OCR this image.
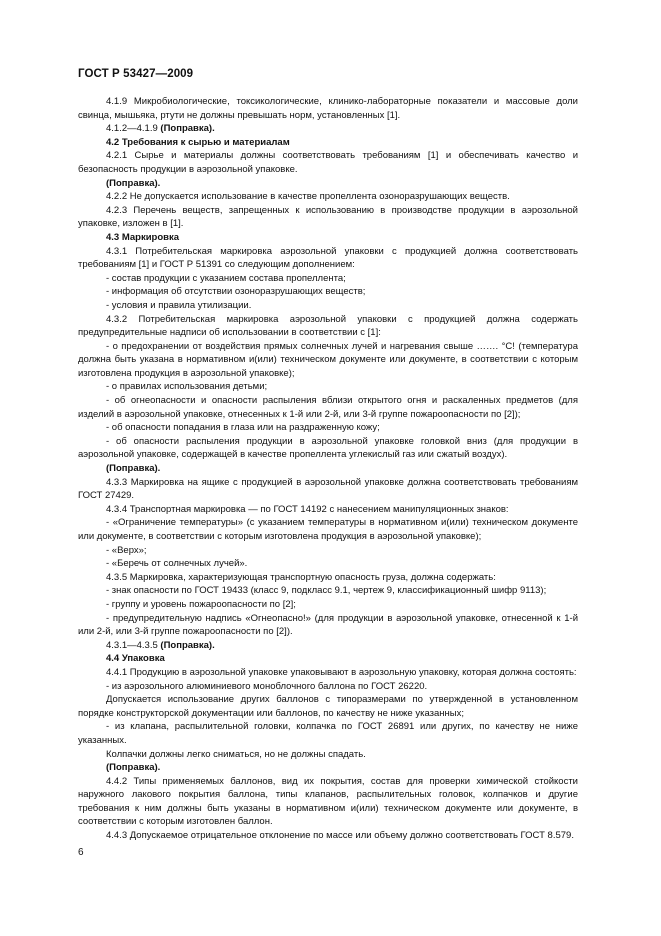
ГОСТ Р 53427—2009

4.1.9 Микробиологические, токсикологические, клинико-лабораторные показатели и массовые доли свинца, мышьяка, ртути не должны превышать норм, установленных [1].

4.1.2—4.1.9 (Поправка).

4.2 Требования к сырью и материалам

4.2.1 Сырье и материалы должны соответствовать требованиям [1] и обеспечивать качество и безопасность продукции в аэрозольной упаковке.

(Поправка).

4.2.2 Не допускается использование в качестве пропеллента озоноразрушающих веществ.

4.2.3 Перечень веществ, запрещенных к использованию в производстве продукции в аэрозольной упаковке, изложен в [1].

4.3 Маркировка

4.3.1 Потребительская маркировка аэрозольной упаковки с продукцией должна соответствовать требованиям [1] и ГОСТ Р 51391 со следующим дополнением:

- состав продукции с указанием состава пропеллента;

- информация об отсутствии озоноразрушающих веществ;

- условия и правила утилизации.

4.3.2 Потребительская маркировка аэрозольной упаковки с продукцией должна содержать предупредительные надписи об использовании в соответствии с [1]:

- о предохранении от воздействия прямых солнечных лучей и нагревания свыше ……. °С! (температура должна быть указана в нормативном и(или) техническом документе или документе, в соответствии с которым изготовлена продукция в аэрозольной упаковке);

- о правилах использования детьми;

- об огнеопасности и опасности распыления вблизи открытого огня и раскаленных предметов (для изделий в аэрозольной упаковке, отнесенных к 1-й или 2-й, или 3-й группе пожароопасности по [2]);

- об опасности попадания в глаза или на раздраженную кожу;

- об опасности распыления продукции в аэрозольной упаковке головкой вниз (для продукции в аэрозольной упаковке, содержащей в качестве пропеллента углекислый газ или сжатый воздух).

(Поправка).

4.3.3 Маркировка на ящике с продукцией в аэрозольной упаковке должна соответствовать требованиям ГОСТ 27429.

4.3.4 Транспортная маркировка — по ГОСТ 14192 с нанесением манипуляционных знаков:

- «Ограничение температуры» (с указанием температуры в нормативном и(или) техническом документе или документе, в соответствии с которым изготовлена продукция в аэрозольной упаковке);

- «Верх»;

- «Беречь от солнечных лучей».

4.3.5 Маркировка, характеризующая транспортную опасность груза, должна содержать:

- знак опасности по ГОСТ 19433 (класс 9, подкласс 9.1, чертеж 9, классификационный шифр 9113);

- группу и уровень пожароопасности по [2];

- предупредительную надпись «Огнеопасно!» (для продукции в аэрозольной упаковке, отнесенной к 1-й или 2-й, или 3-й группе пожароопасности по [2]).

4.3.1—4.3.5 (Поправка).

4.4 Упаковка

4.4.1 Продукцию в аэрозольной упаковке упаковывают в аэрозольную упаковку, которая должна состоять:

- из аэрозольного алюминиевого моноблочного баллона по ГОСТ 26220.

Допускается использование других баллонов с типоразмерами по утвержденной в установленном порядке конструкторской документации или баллонов, по качеству не ниже указанных;

- из клапана, распылительной головки, колпачка по ГОСТ 26891 или других, по качеству не ниже указанных.

Колпачки должны легко сниматься, но не должны спадать.

(Поправка).

4.4.2 Типы применяемых баллонов, вид их покрытия, состав для проверки химической стойкости наружного лакового покрытия баллона, типы клапанов, распылительных головок, колпачков и другие требования к ним должны быть указаны в нормативном и(или) техническом документе или документе, в соответствии с которым изготовлен баллон.

4.4.3 Допускаемое отрицательное отклонение по массе или объему должно соответствовать ГОСТ 8.579.

6
